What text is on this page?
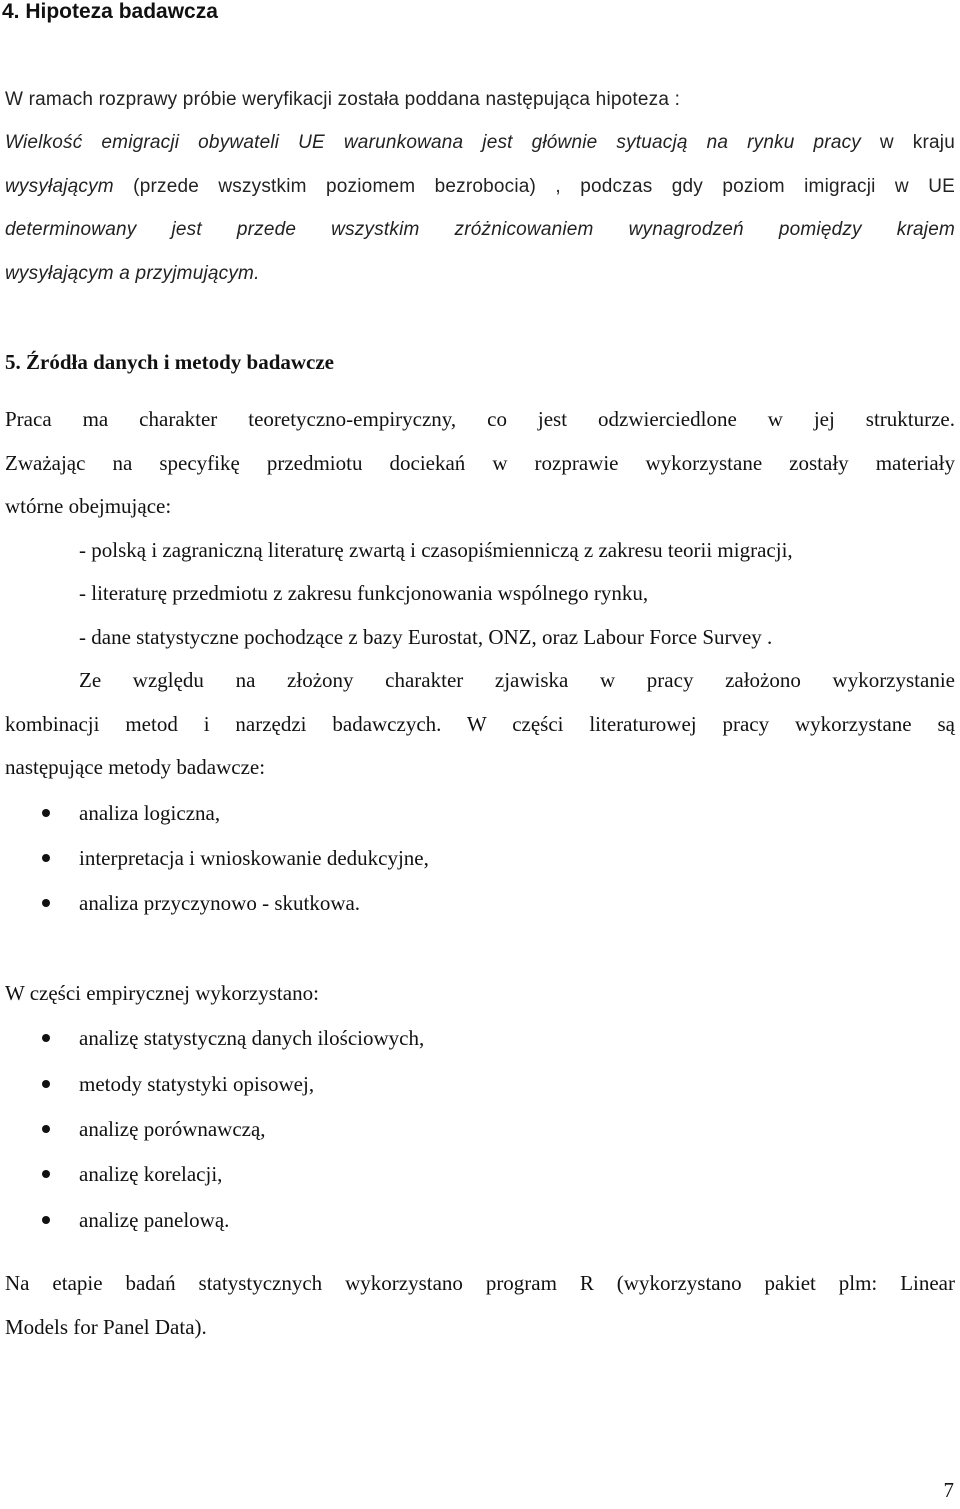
4. Hipoteza badawcza
W ramach rozprawy próbie weryfikacji została poddana następująca hipoteza :
Wielkość emigracji obywateli UE warunkowana jest głównie sytuacją na rynku pracy w kraju
wysyłającym (przede wszystkim poziomem bezrobocia) , podczas gdy poziom imigracji w UE
determinowany jest przede wszystkim zróżnicowaniem wynagrodzeń pomiędzy krajem
wysyłającym a przyjmującym.
5. Źródła danych i metody badawcze
Praca ma charakter teoretyczno-empiryczny, co jest odzwierciedlone w jej strukturze.
Zważając na specyfikę przedmiotu dociekań w rozprawie wykorzystane zostały materiały
wtórne obejmujące:
- polską i zagraniczną literaturę zwartą i czasopiśmienniczą z zakresu teorii migracji,
- literaturę przedmiotu z zakresu funkcjonowania wspólnego rynku,
- dane statystyczne pochodzące z bazy Eurostat, ONZ, oraz Labour Force Survey .
Ze względu na złożony charakter zjawiska w pracy założono wykorzystanie
kombinacji metod i narzędzi badawczych. W części literaturowej pracy wykorzystane są
następujące metody badawcze:
analiza logiczna,
interpretacja i wnioskowanie dedukcyjne,
analiza przyczynowo - skutkowa.
W części empirycznej wykorzystano:
analizę statystyczną danych ilościowych,
metody statystyki opisowej,
analizę porównawczą,
analizę korelacji,
analizę panelową.
Na etapie badań statystycznych wykorzystano program R (wykorzystano pakiet plm: Linear
Models for Panel Data).
7
